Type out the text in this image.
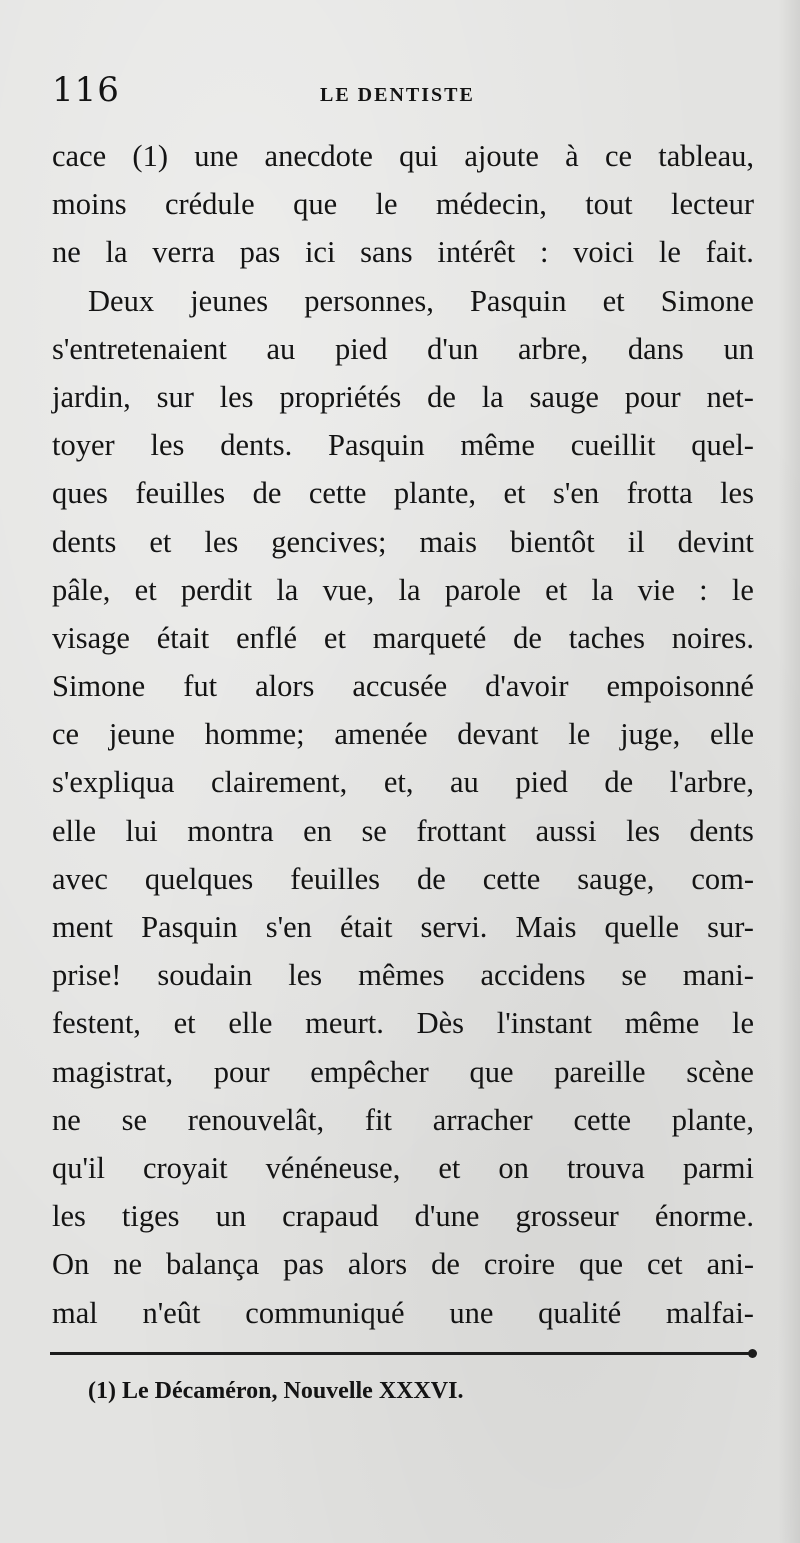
116	LE DENTISTE
cace (1) une anecdote qui ajoute à ce tableau,
moins crédule que le médecin, tout lecteur
ne la verra pas ici sans intérêt : voici le fait.
Deux jeunes personnes, Pasquin et Simone
s'entretenaient au pied d'un arbre, dans un
jardin, sur les propriétés de la sauge pour net-
toyer les dents. Pasquin même cueillit quel-
ques feuilles de cette plante, et s'en frotta les
dents et les gencives; mais bientôt il devint
pâle, et perdit la vue, la parole et la vie : le
visage était enflé et marqueté de taches noires.
Simone fut alors accusée d'avoir empoisonné
ce jeune homme; amenée devant le juge, elle
s'expliqua clairement, et, au pied de l'arbre,
elle lui montra en se frottant aussi les dents
avec quelques feuilles de cette sauge, com-
ment Pasquin s'en était servi. Mais quelle sur-
prise! soudain les mêmes accidens se mani-
festent, et elle meurt. Dès l'instant même le
magistrat, pour empêcher que pareille scène
ne se renouvelât, fit arracher cette plante,
qu'il croyait vénéneuse, et on trouva parmi
les tiges un crapaud d'une grosseur énorme.
On ne balança pas alors de croire que cet ani-
mal n'eût communiqué une qualité malfai-
(1) Le Décaméron, Nouvelle XXXVI.
